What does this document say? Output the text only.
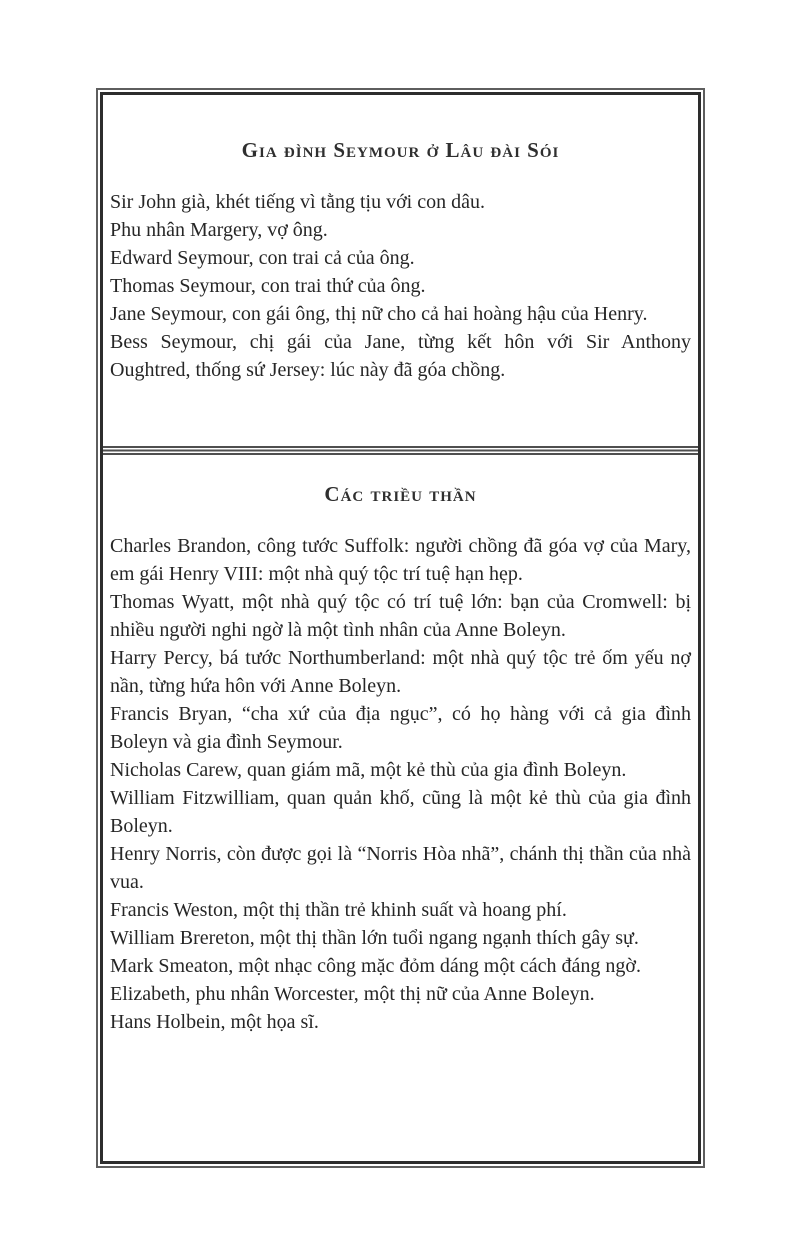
Gia đình Seymour ở Lâu đài Sói

Sir John già, khét tiếng vì tằng tịu với con dâu.

Phu nhân Margery, vợ ông.

Edward Seymour, con trai cả của ông.

Thomas Seymour, con trai thứ của ông.

Jane Seymour, con gái ông, thị nữ cho cả hai hoàng hậu của Henry.

Bess Seymour, chị gái của Jane, từng kết hôn với Sir Anthony Oughtred, thống sứ Jersey: lúc này đã góa chồng.

Các triều thần

Charles Brandon, công tước Suffolk: người chồng đã góa vợ của Mary, em gái Henry VIII: một nhà quý tộc trí tuệ hạn hẹp.

Thomas Wyatt, một nhà quý tộc có trí tuệ lớn: bạn của Cromwell: bị nhiều người nghi ngờ là một tình nhân của Anne Boleyn.

Harry Percy, bá tước Northumberland: một nhà quý tộc trẻ ốm yếu nợ nần, từng hứa hôn với Anne Boleyn.

Francis Bryan, “cha xứ của địa ngục”, có họ hàng với cả gia đình Boleyn và gia đình Seymour.

Nicholas Carew, quan giám mã, một kẻ thù của gia đình Boleyn.

William Fitzwilliam, quan quản khố, cũng là một kẻ thù của gia đình Boleyn.

Henry Norris, còn được gọi là “Norris Hòa nhã”, chánh thị thần của nhà vua.

Francis Weston, một thị thần trẻ khinh suất và hoang phí.

William Brereton, một thị thần lớn tuổi ngang ngạnh thích gây sự.

Mark Smeaton, một nhạc công mặc đỏm dáng một cách đáng ngờ.

Elizabeth, phu nhân Worcester, một thị nữ của Anne Boleyn.

Hans Holbein, một họa sĩ.
